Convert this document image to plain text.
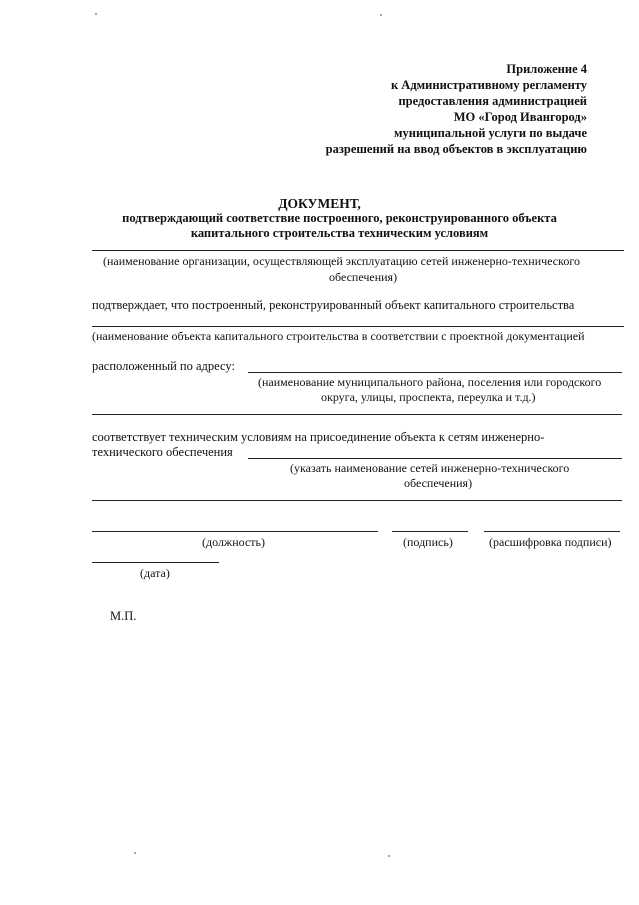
Приложение 4
к Административному регламенту
предоставления администрацией
МО «Город Ивангород»
муниципальной услуги по выдаче
разрешений на ввод объектов в эксплуатацию
ДОКУМЕНТ,
подтверждающий соответствие построенного, реконструированного объекта
капитального строительства техническим условиям
(наименование организации, осуществляющей эксплуатацию сетей инженерно-технического
обеспечения)
подтверждает, что построенный, реконструированный объект капитального строительства
(наименование объекта капитального строительства в соответствии с проектной документацией
расположенный по адресу:
(наименование муниципального района, поселения или городского
округа, улицы, проспекта, переулка и т.д.)
соответствует техническим условиям на присоединение объекта к сетям инженерно-
технического обеспечения
(указать наименование сетей инженерно-технического
обеспечения)
(должность)	(подпись)	(расшифровка подписи)
(дата)
М.П.
